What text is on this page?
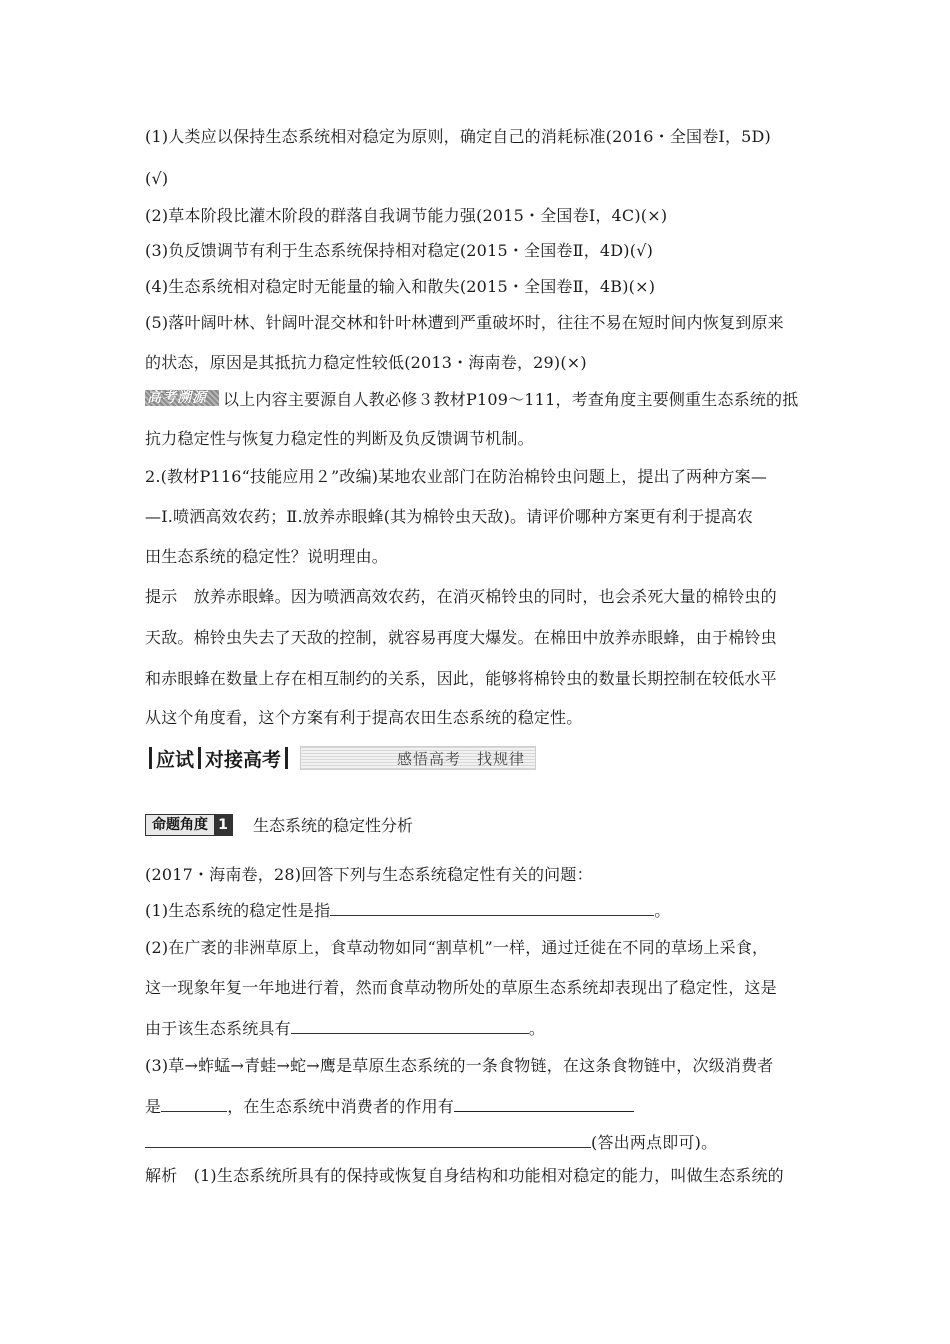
(1)人类应以保持生态系统相对稳定为原则，确定自己的消耗标准(2016・全国卷Ⅰ，5D)
(√)
(2)草本阶段比灌木阶段的群落自我调节能力强(2015・全国卷Ⅰ，4C)(×)
(3)负反馈调节有利于生态系统保持相对稳定(2015・全国卷Ⅱ，4D)(√)
(4)生态系统相对稳定时无能量的输入和散失(2015・全国卷Ⅱ，4B)(×)
(5)落叶阔叶林、针阔叶混交林和针叶林遭到严重破坏时，往往不易在短时间内恢复到原来
的状态，原因是其抵抗力稳定性较低(2013・海南卷，29)(×)
高考溯源 以上内容主要源自人教必修３教材P109～111，考查角度主要侧重生态系统的抵
抗力稳定性与恢复力稳定性的判断及负反馈调节机制。
2.(教材P116“技能应用２”改编)某地农业部门在防治棉铃虫问题上，提出了两种方案—
—Ⅰ.喷洒高效农药；Ⅱ.放养赤眼蜂(其为棉铃虫天敌)。请评价哪种方案更有利于提高农
田生态系统的稳定性？说明理由。
提示　放养赤眼蜂。因为喷洒高效农药，在消灭棉铃虫的同时，也会杀死大量的棉铃虫的
天敌。棉铃虫失去了天敌的控制，就容易再度大爆发。在棉田中放养赤眼蜂，由于棉铃虫
和赤眼蜂在数量上存在相互制约的关系，因此，能够将棉铃虫的数量长期控制在较低水平
从这个角度看，这个方案有利于提高农田生态系统的稳定性。
应试 对接高考	感悟高考　找规律
命题角度 1 生态系统的稳定性分析
(2017・海南卷，28)回答下列与生态系统稳定性有关的问题：
(1)生态系统的稳定性是指	。
(2)在广袤的非洲草原上，食草动物如同“割草机”一样，通过迁徙在不同的草场上采食，
这一现象年复一年地进行着，然而食草动物所处的草原生态系统却表现出了稳定性，这是
由于该生态系统具有	。
(3)草→蚱蜢→青蛙→蛇→鹰是草原生态系统的一条食物链，在这条食物链中，次级消费者
是	，在生态系统中消费者的作用有
(答出两点即可)。
解析　(1)生态系统所具有的保持或恢复自身结构和功能相对稳定的能力，叫做生态系统的
